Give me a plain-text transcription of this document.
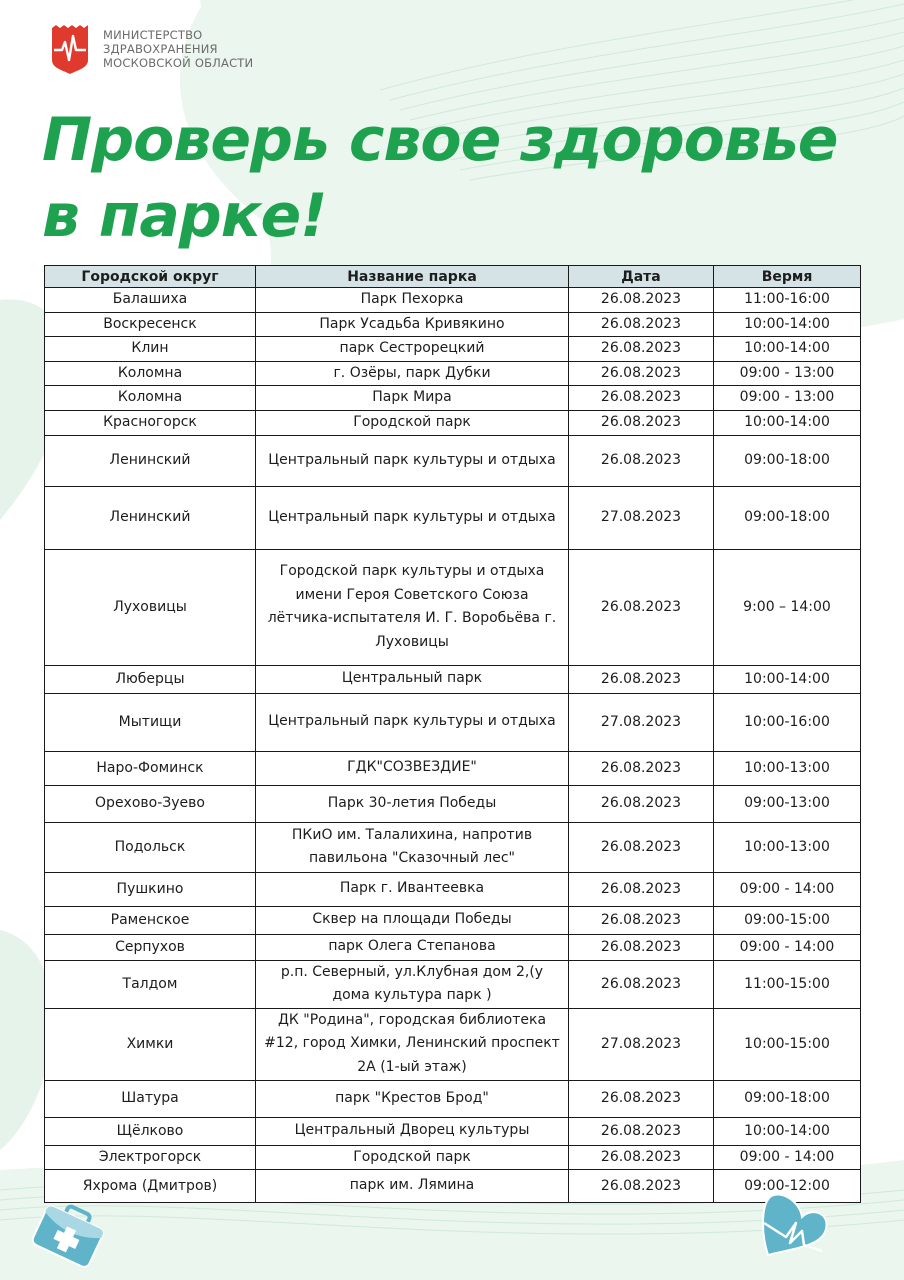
МИНИСТЕРСТВО
ЗДРАВОХРАНЕНИЯ
МОСКОВСКОЙ ОБЛАСТИ
Проверь свое здоровье
в парке!
Городской округ	Название парка	Дата	Вермя
Балашиха	Парк Пехорка	26.08.2023	11:00-16:00
Воскресенск	Парк Усадьба Кривякино	26.08.2023	10:00-14:00
Клин	парк Сестрорецкий	26.08.2023	10:00-14:00
Коломна	г. Озёры, парк Дубки	26.08.2023	09:00 - 13:00
Коломна	Парк Мира	26.08.2023	09:00 - 13:00
Красногорск	Городской парк	26.08.2023	10:00-14:00
Ленинский	Центральный парк культуры и отдыха	26.08.2023	09:00-18:00
Ленинский	Центральный парк культуры и отдыха	27.08.2023	09:00-18:00
Луховицы	Городской парк культуры и отдыха имени Героя Советского Союза лётчика-испытателя И. Г. Воробьёва г. Луховицы	26.08.2023	9:00 – 14:00
Люберцы	Центральный парк	26.08.2023	10:00-14:00
Мытищи	Центральный парк культуры и отдыха	27.08.2023	10:00-16:00
Наро-Фоминск	ГДК"СОЗВЕЗДИЕ"	26.08.2023	10:00-13:00
Орехово-Зуево	Парк 30-летия Победы	26.08.2023	09:00-13:00
Подольск	ПКиО им. Талалихина, напротив павильона "Сказочный лес"	26.08.2023	10:00-13:00
Пушкино	Парк г. Ивантеевка	26.08.2023	09:00 - 14:00
Раменское	Сквер на площади Победы	26.08.2023	09:00-15:00
Серпухов	парк Олега Степанова	26.08.2023	09:00 - 14:00
Талдом	р.п. Северный, ул.Клубная дом 2,(у дома культура парк )	26.08.2023	11:00-15:00
Химки	ДК "Родина", городская библиотека #12, город Химки, Ленинский проспект 2А (1-ый этаж)	27.08.2023	10:00-15:00
Шатура	парк "Крестов Брод"	26.08.2023	09:00-18:00
Щёлково	Центральный Дворец культуры	26.08.2023	10:00-14:00
Электрогорск	Городской парк	26.08.2023	09:00 - 14:00
Яхрома (Дмитров)	парк им. Лямина	26.08.2023	09:00-12:00
